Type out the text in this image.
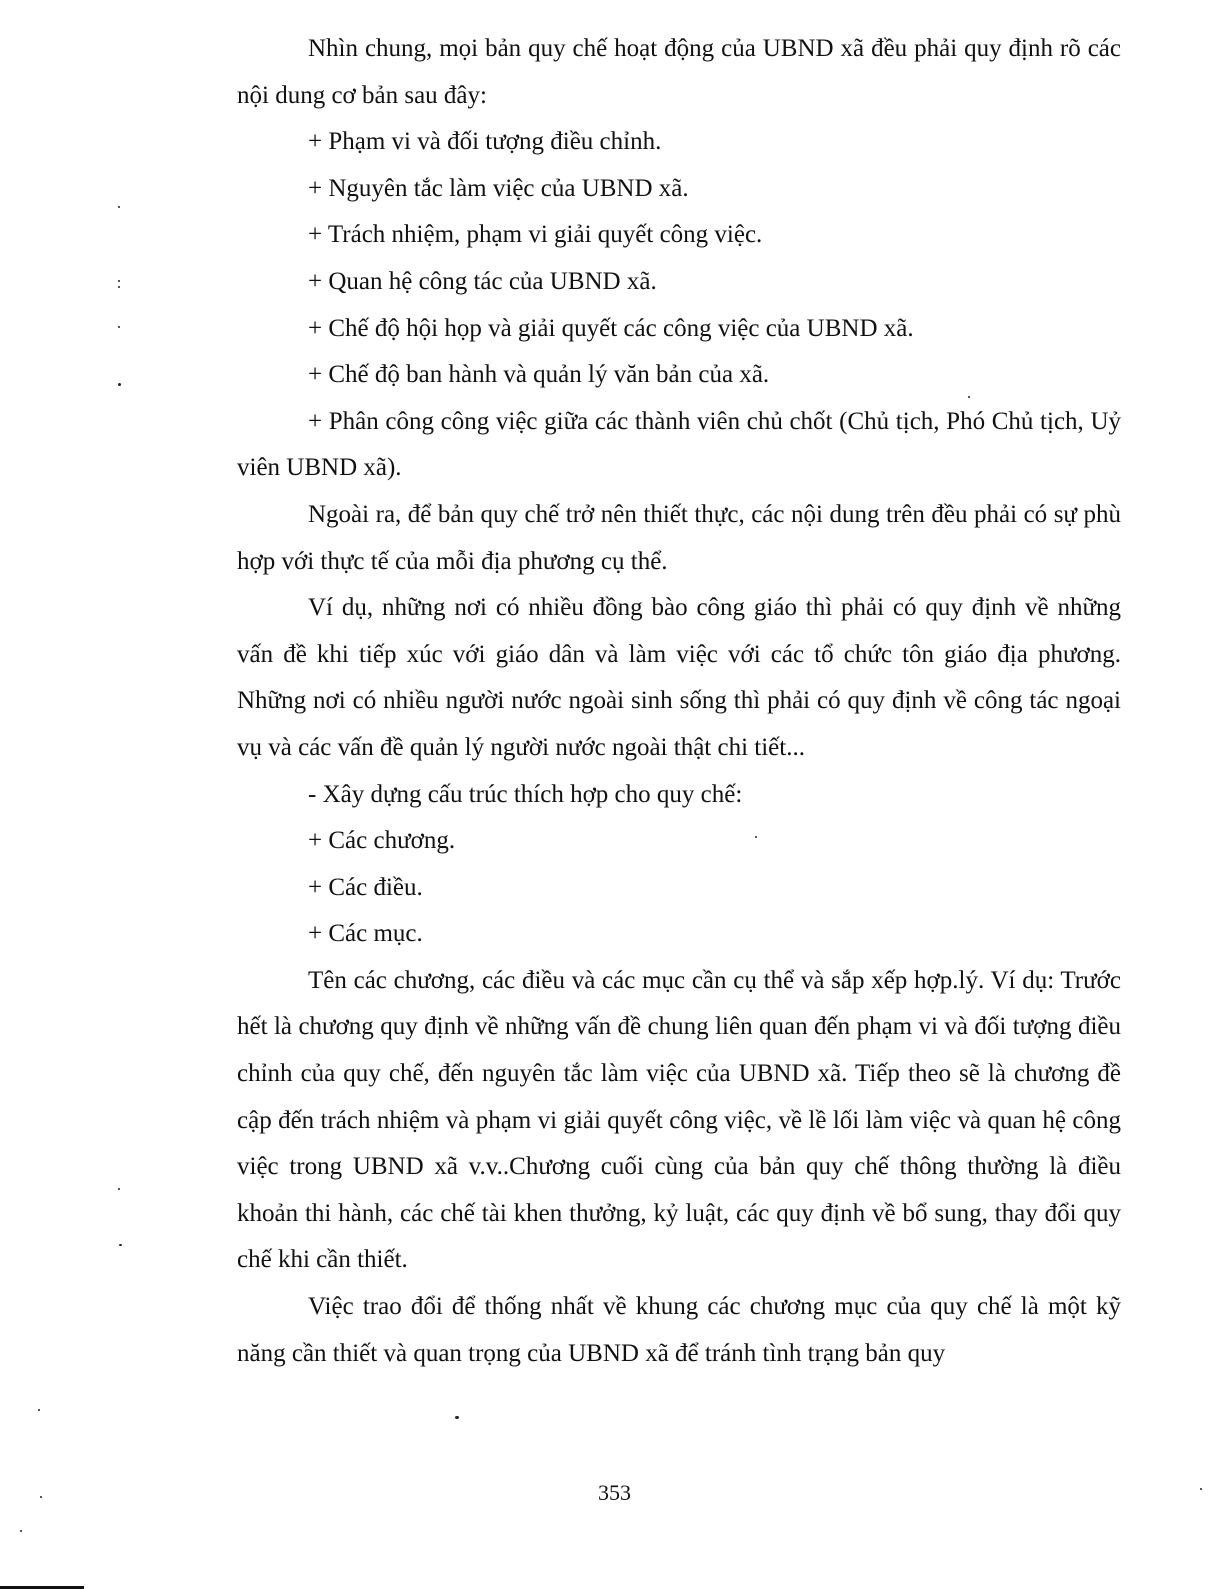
Nhìn chung, mọi bản quy chế hoạt động của UBND xã đều phải quy định rõ các nội dung cơ bản sau đây:

+ Phạm vi và đối tượng điều chỉnh.

+ Nguyên tắc làm việc của UBND xã.

+ Trách nhiệm, phạm vi giải quyết công việc.

+ Quan hệ công tác của UBND xã.

+ Chế độ hội họp và giải quyết các công việc của UBND xã.

+ Chế độ ban hành và quản lý văn bản của xã.

+ Phân công công việc giữa các thành viên chủ chốt (Chủ tịch, Phó Chủ tịch, Uỷ viên UBND xã).

Ngoài ra, để bản quy chế trở nên thiết thực, các nội dung trên đều phải có sự phù hợp với thực tế của mỗi địa phương cụ thể.

Ví dụ, những nơi có nhiều đồng bào công giáo thì phải có quy định về những vấn đề khi tiếp xúc với giáo dân và làm việc với các tổ chức tôn giáo địa phương. Những nơi có nhiều người nước ngoài sinh sống thì phải có quy định về công tác ngoại vụ và các vấn đề quản lý người nước ngoài thật chi tiết...

- Xây dựng cấu trúc thích hợp cho quy chế:

+ Các chương.

+ Các điều.

+ Các mục.

Tên các chương, các điều và các mục cần cụ thể và sắp xếp hợp.lý. Ví dụ: Trước hết là chương quy định về những vấn đề chung liên quan đến phạm vi và đối tượng điều chỉnh của quy chế, đến nguyên tắc làm việc của UBND xã. Tiếp theo sẽ là chương đề cập đến trách nhiệm và phạm vi giải quyết công việc, về lề lối làm việc và quan hệ công việc trong UBND xã v.v..Chương cuối cùng của bản quy chế thông thường là điều khoản thi hành, các chế tài khen thưởng, kỷ luật, các quy định về bổ sung, thay đổi quy chế khi cần thiết.

Việc trao đổi để thống nhất về khung các chương mục của quy chế là một kỹ năng cần thiết và quan trọng của UBND xã để tránh tình trạng bản quy

353
